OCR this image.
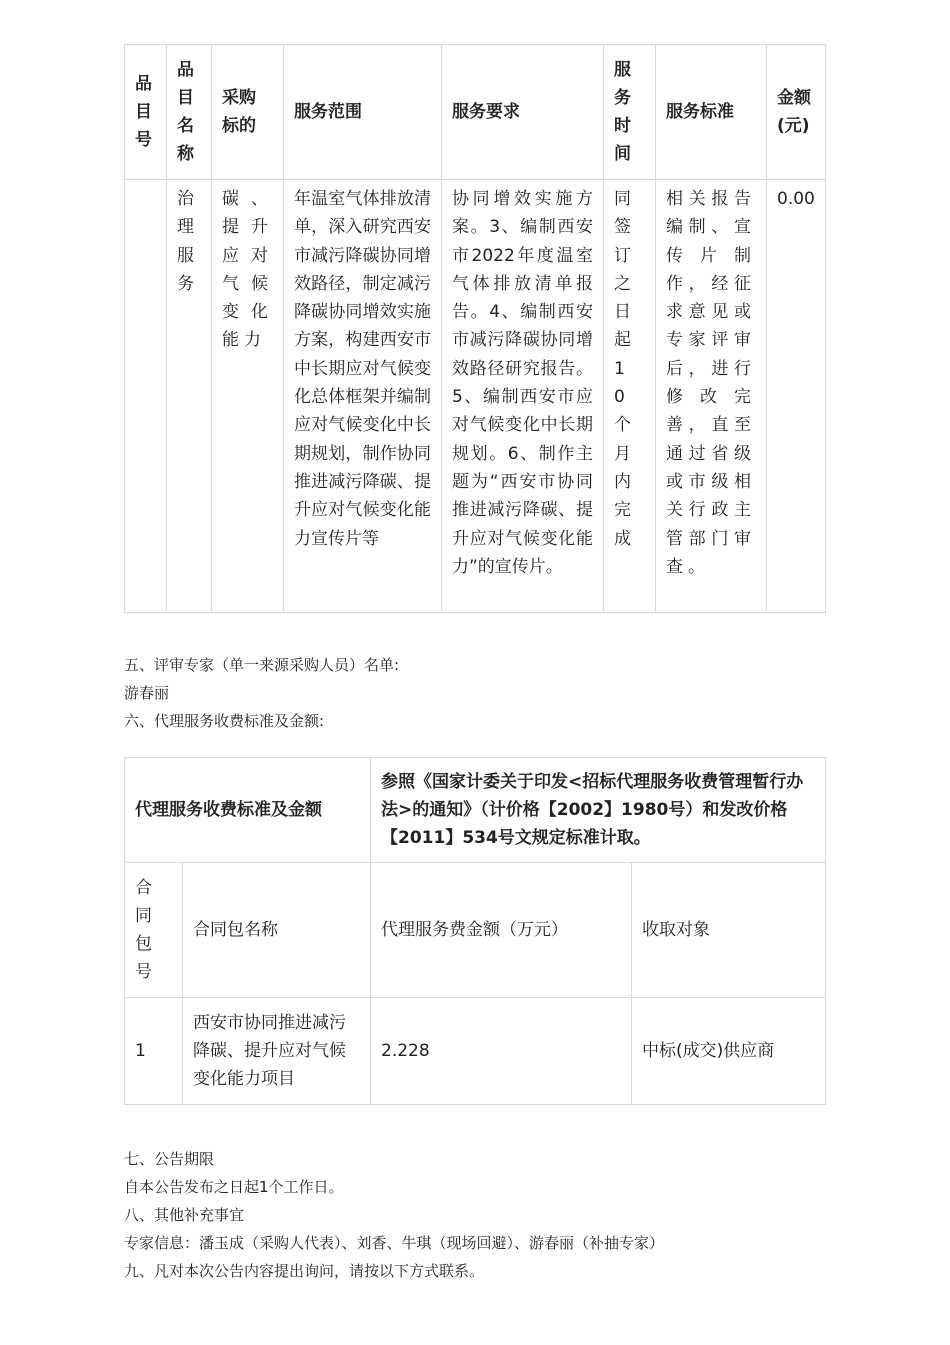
品目号	品目名称	采购标的	服务范围	服务要求	服务时间	服务标准	金额(元)

	治理服务	碳、提升应对气候变化能力	年温室气体排放清单，深入研究西安市减污降碳协同增效路径，制定减污降碳协同增效实施方案，构建西安市中长期应对气候变化总体框架并编制应对气候变化中长期规划，制作协同推进减污降碳、提升应对气候变化能力宣传片等	协同增效实施方案。3、编制西安市2022年度温室气体排放清单报告。4、编制西安市减污降碳协同增效路径研究报告。5、编制西安市应对气候变化中长期规划。6、制作主题为“西安市协同推进减污降碳、提升应对气候变化能力”的宣传片。	同签订之日起10个月内完成	相关报告编制、宣传片制作，经征求意见或专家评审后，进行修改完善，直至通过省级或市级相关行政主管部门审查。	0.00

五、评审专家（单一来源采购人员）名单:

游春丽

六、代理服务收费标准及金额:

代理服务收费标准及金额		参照《国家计委关于印发<招标代理服务收费管理暂行办法>的通知》（计价格【2002】1980号）和发改价格【2011】534号文规定标准计取。	

合同包号	合同包名称	代理服务费金额（万元）	收取对象
1	西安市协同推进减污降碳、提升应对气候变化能力项目	2.228	中标(成交)供应商

七、公告期限

自本公告发布之日起1个工作日。

八、其他补充事宜

专家信息：潘玉成（采购人代表）、刘香、牛琪（现场回避）、游春丽（补抽专家）

九、凡对本次公告内容提出询问，请按以下方式联系。
